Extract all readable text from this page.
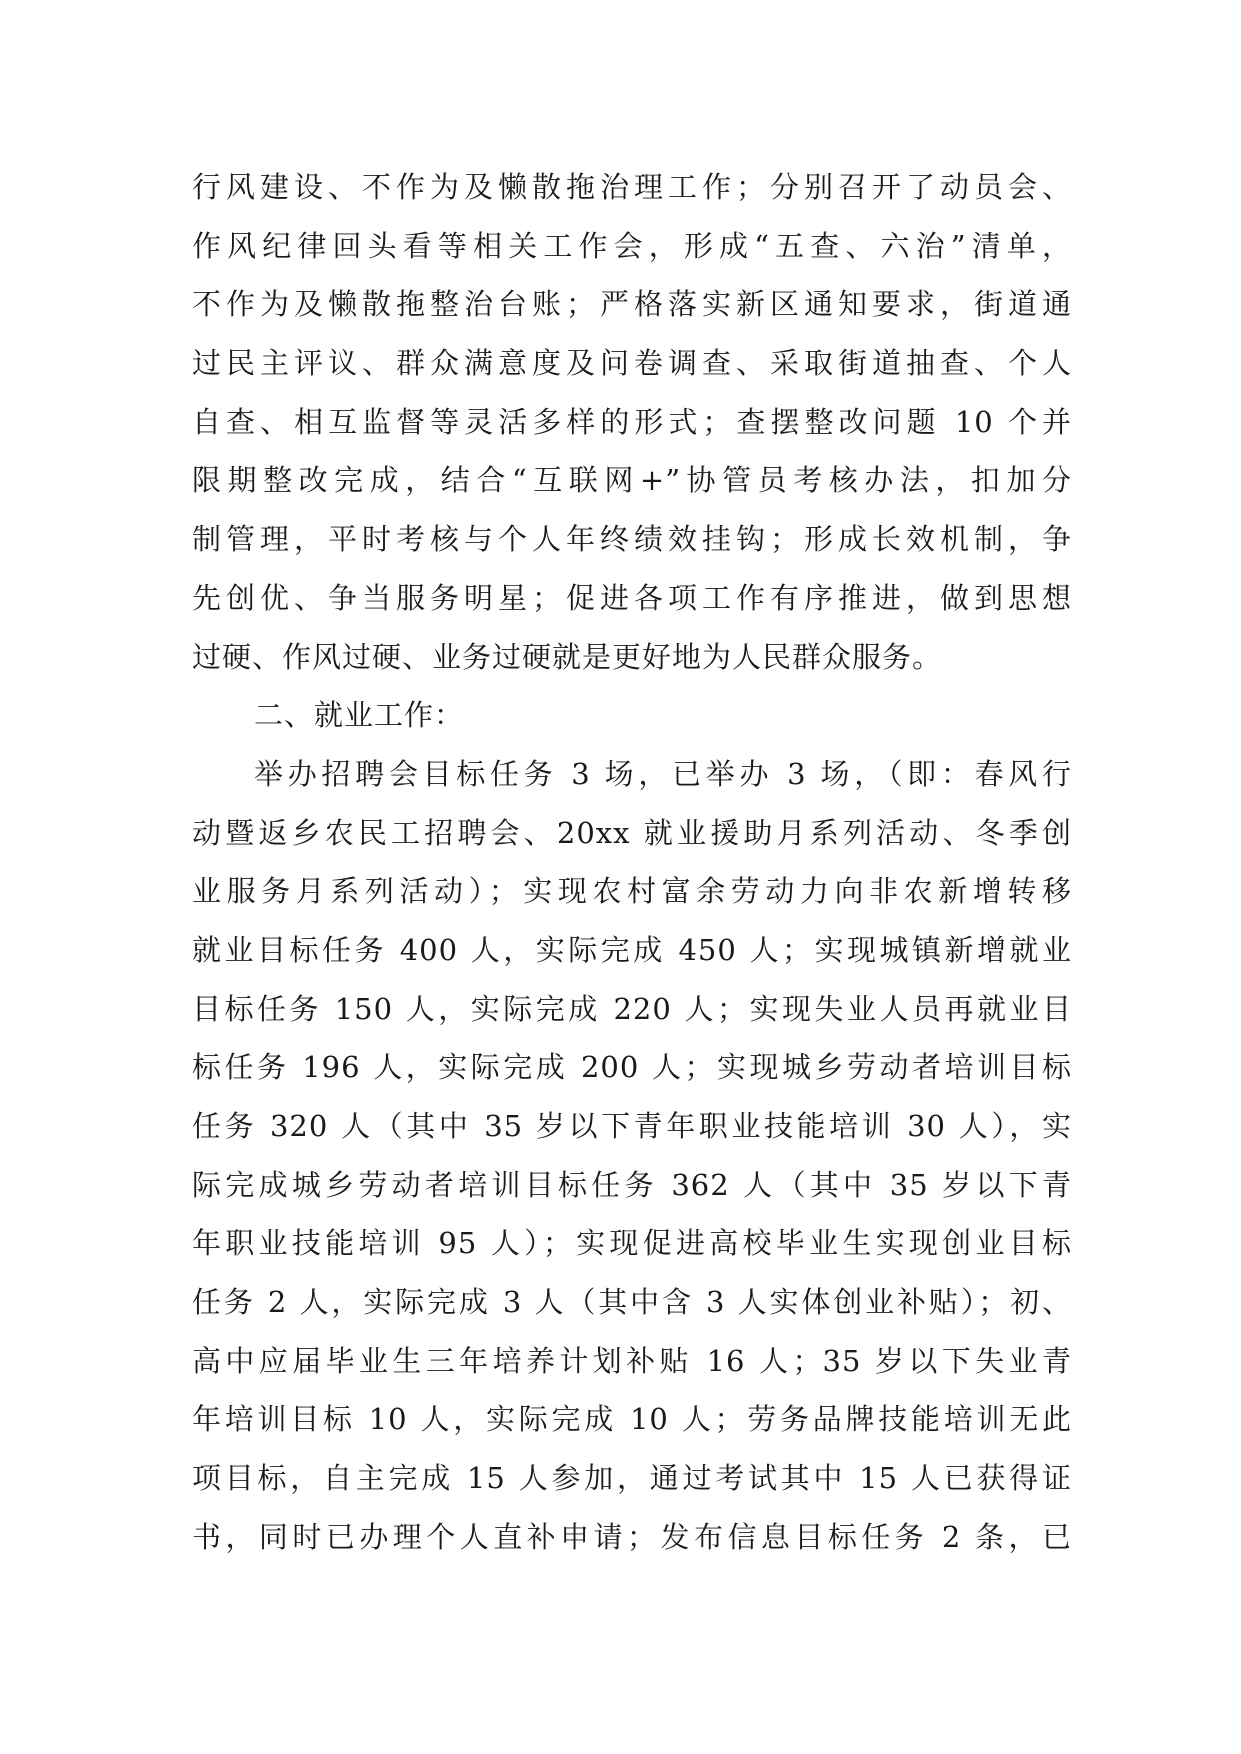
行风建设、不作为及懒散拖治理工作；分别召开了动员会、
作风纪律回头看等相关工作会，形成“五查、六治”清单，
不作为及懒散拖整治台账；严格落实新区通知要求，街道通
过民主评议、群众满意度及问卷调查、采取街道抽查、个人
自查、相互监督等灵活多样的形式；查摆整改问题 10 个并
限期整改完成，结合“互联网+”协管员考核办法，扣加分
制管理，平时考核与个人年终绩效挂钩；形成长效机制，争
先创优、争当服务明星；促进各项工作有序推进，做到思想
过硬、作风过硬、业务过硬就是更好地为人民群众服务。
二、就业工作：
举办招聘会目标任务 3 场，已举办 3 场，（即：春风行
动暨返乡农民工招聘会、20xx 就业援助月系列活动、冬季创
业服务月系列活动）；实现农村富余劳动力向非农新增转移
就业目标任务 400 人，实际完成 450 人；实现城镇新增就业
目标任务 150 人，实际完成 220 人；实现失业人员再就业目
标任务 196 人，实际完成 200 人；实现城乡劳动者培训目标
任务 320 人（其中 35 岁以下青年职业技能培训 30 人），实
际完成城乡劳动者培训目标任务 362 人（其中 35 岁以下青
年职业技能培训 95 人）；实现促进高校毕业生实现创业目标
任务 2 人，实际完成 3 人（其中含 3 人实体创业补贴）；初、
高中应届毕业生三年培养计划补贴 16 人；35 岁以下失业青
年培训目标 10 人，实际完成 10 人；劳务品牌技能培训无此
项目标，自主完成 15 人参加，通过考试其中 15 人已获得证
书，同时已办理个人直补申请；发布信息目标任务 2 条，已
